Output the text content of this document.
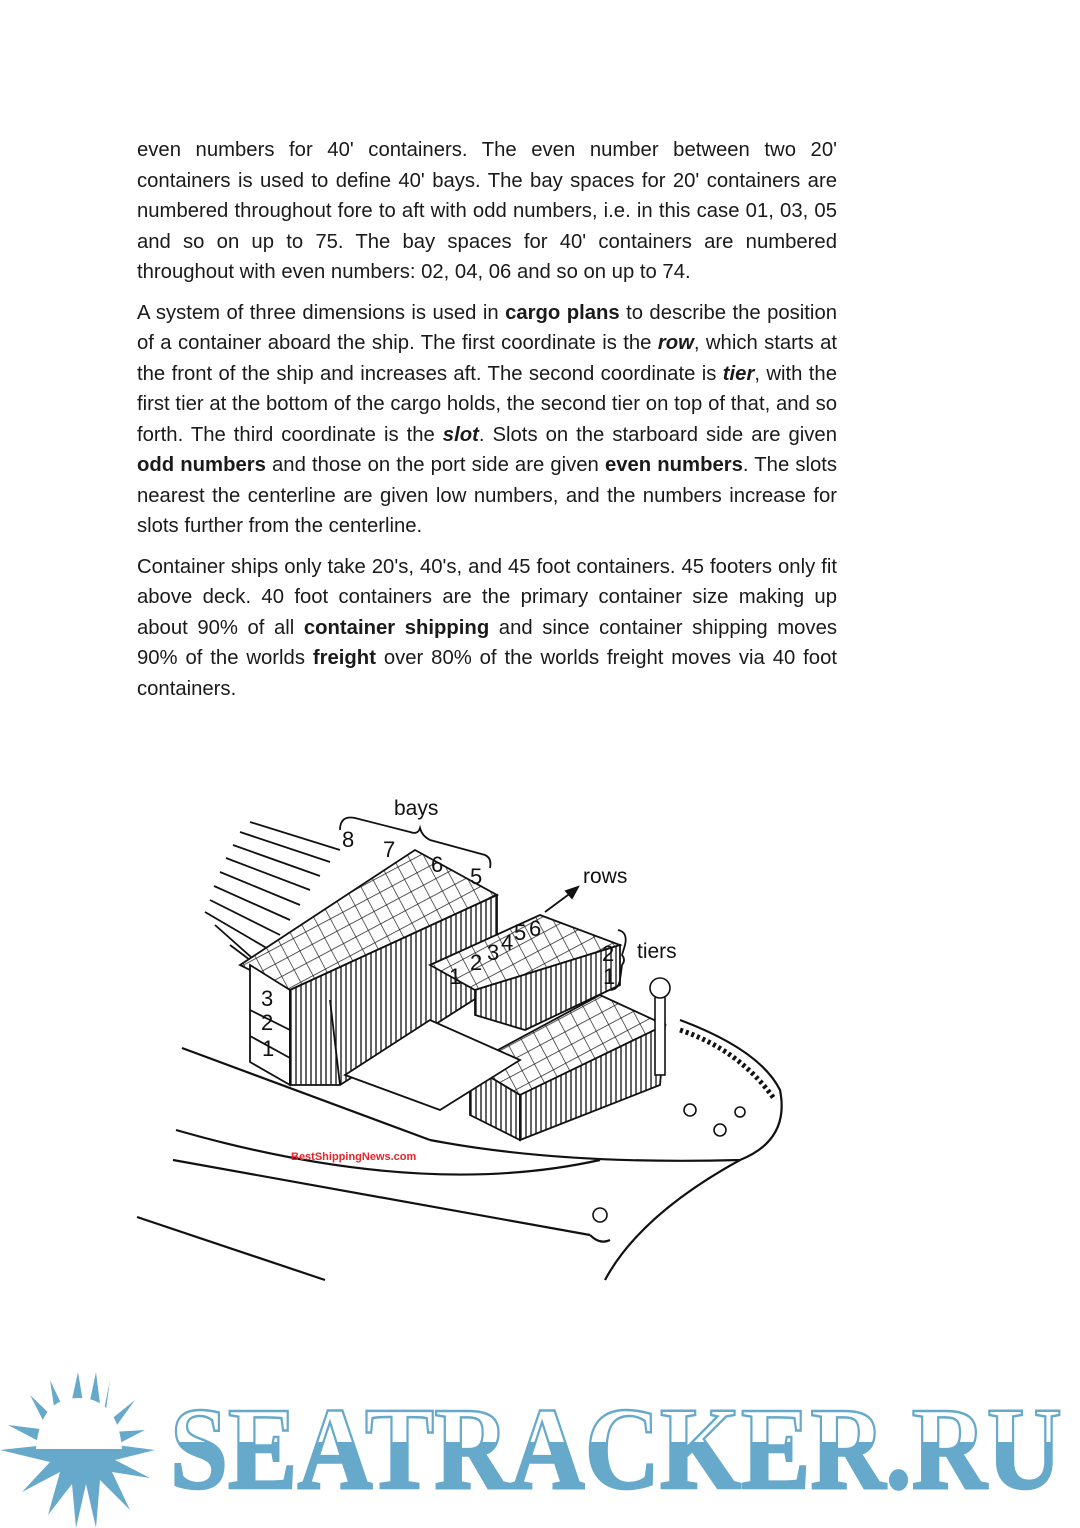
even numbers for 40' containers. The even number between two 20' containers is used to define 40' bays. The bay spaces for 20' containers are numbered throughout fore to aft with odd numbers, i.e. in this case 01, 03, 05 and so on up to 75. The bay spaces for 40' containers are numbered throughout with even numbers: 02, 04, 06 and so on up to 74.

A system of three dimensions is used in cargo plans to describe the position of a container aboard the ship. The first coordinate is the row, which starts at the front of the ship and increases aft. The second coordinate is tier, with the first tier at the bottom of the cargo holds, the second tier on top of that, and so forth. The third coordinate is the slot. Slots on the starboard side are given odd numbers and those on the port side are given even numbers. The slots nearest the centerline are given low numbers, and the numbers increase for slots further from the centerline.

Container ships only take 20's, 40's, and 45 foot containers. 45 footers only fit above deck. 40 foot containers are the primary container size making up about 90% of all container shipping and since container shipping moves 90% of the worlds freight over 80% of the worlds freight moves via 40 foot containers.

bays
8 7
6 5	rows
1
2 3 4 5 6
tiers
2
1
3
2
1
BestShippingNews.com
SEATRACKER.RU
